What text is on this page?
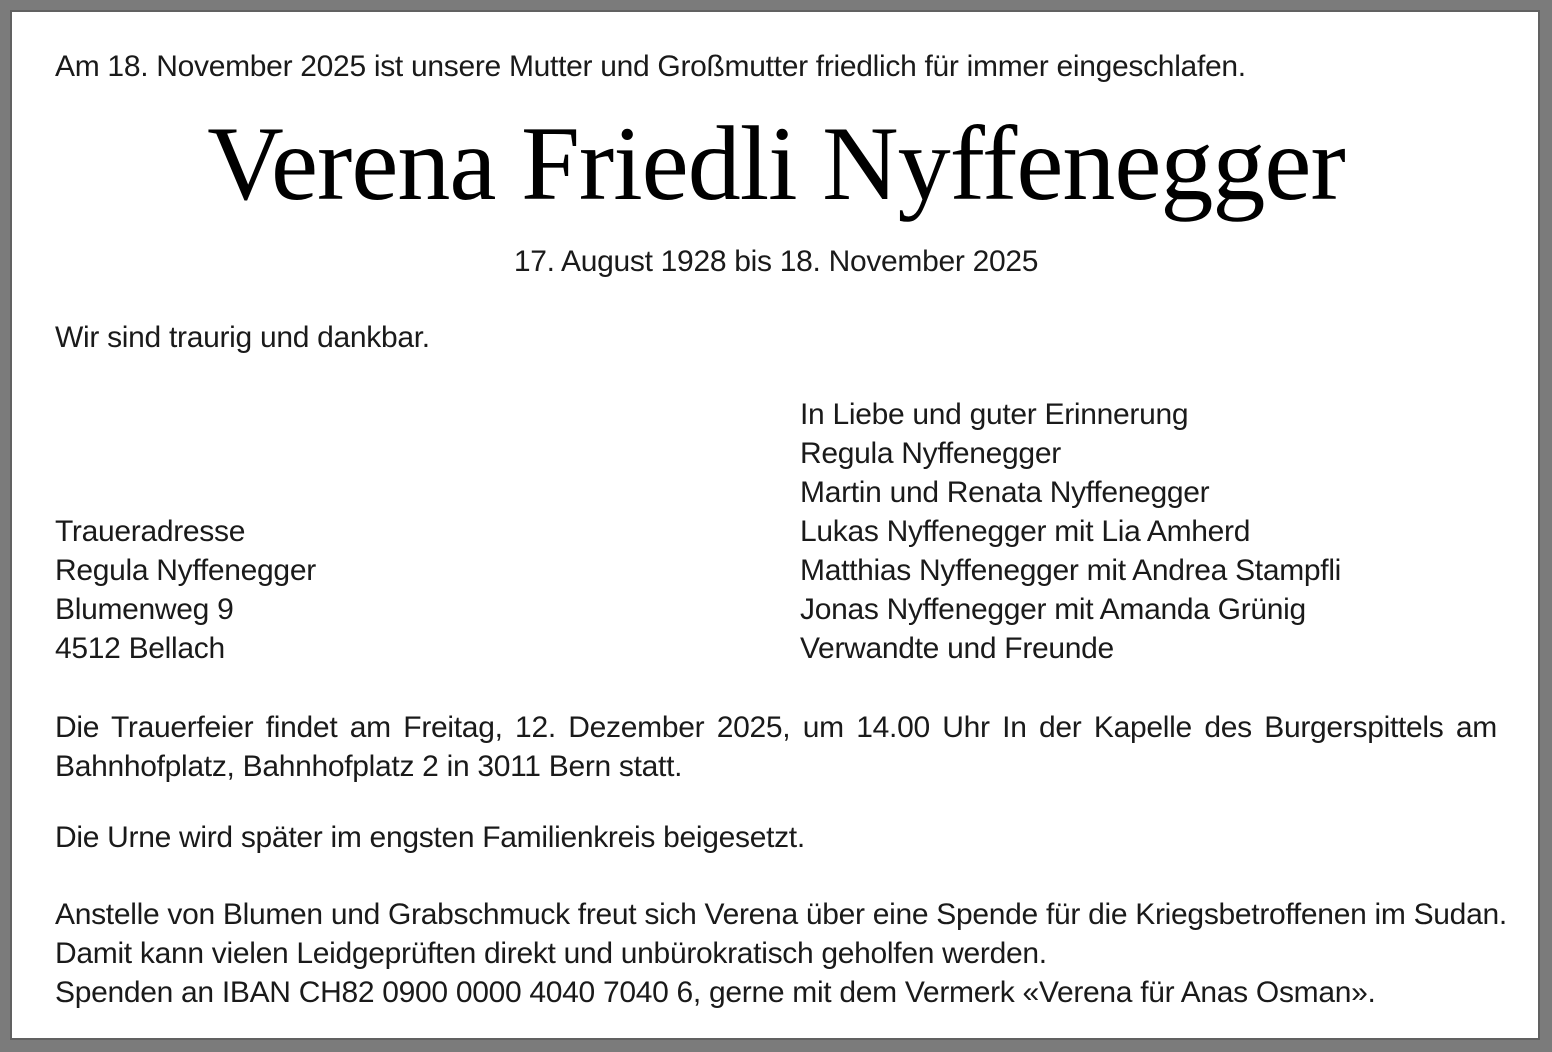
Am 18. November 2025 ist unsere Mutter und Großmutter friedlich für immer eingeschlafen.
Verena Friedli Nyffenegger
17. August 1928 bis 18. November 2025
Wir sind traurig und dankbar.
Traueradresse
Regula Nyffenegger
Blumenweg 9
4512 Bellach
In Liebe und guter Erinnerung
Regula Nyffenegger
Martin und Renata Nyffenegger
Lukas Nyffenegger mit Lia Amherd
Matthias Nyffenegger mit Andrea Stampfli
Jonas Nyffenegger mit Amanda Grünig
Verwandte und Freunde
Die Trauerfeier findet am Freitag, 12. Dezember 2025, um 14.00 Uhr In der Kapelle des Burgerspittels am
Bahnhofplatz, Bahnhofplatz 2 in 3011 Bern statt.
Die Urne wird später im engsten Familienkreis beigesetzt.
Anstelle von Blumen und Grabschmuck freut sich Verena über eine Spende für die Kriegsbetroffenen im Sudan.
Damit kann vielen Leidgeprüften direkt und unbürokratisch geholfen werden.
Spenden an IBAN CH82 0900 0000 4040 7040 6, gerne mit dem Vermerk «Verena für Anas Osman».
